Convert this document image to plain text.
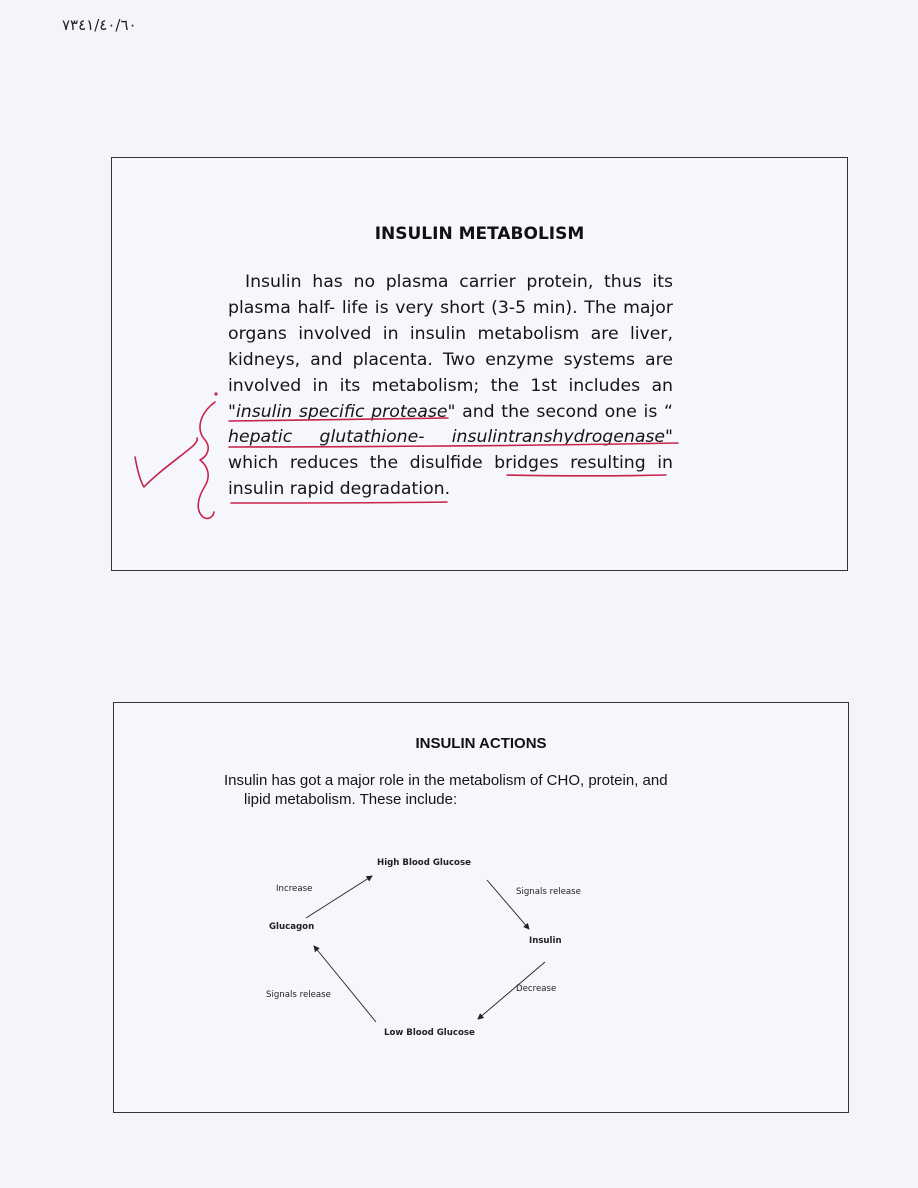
٠٦/٠٤/١٤٣٧
INSULIN METABOLISM
Insulin has no plasma carrier protein, thus its
plasma half- life is very short (3-5 min). The major
organs involved in insulin metabolism are liver,
kidneys, and placenta. Two enzyme systems are
involved in its metabolism; the 1st includes an
"insulin specific protease" and the second one is “
hepatic glutathione- insulintranshydrogenase"
which reduces the disulfide bridges resulting in
insulin rapid degradation.
INSULIN ACTIONS
Insulin has got a major role in the metabolism of CHO, protein, and
lipid metabolism. These include:
High Blood Glucose
Increase	Signals release
Glucagon
Insulin
Signals release
Decrease
Low Blood Glucose
